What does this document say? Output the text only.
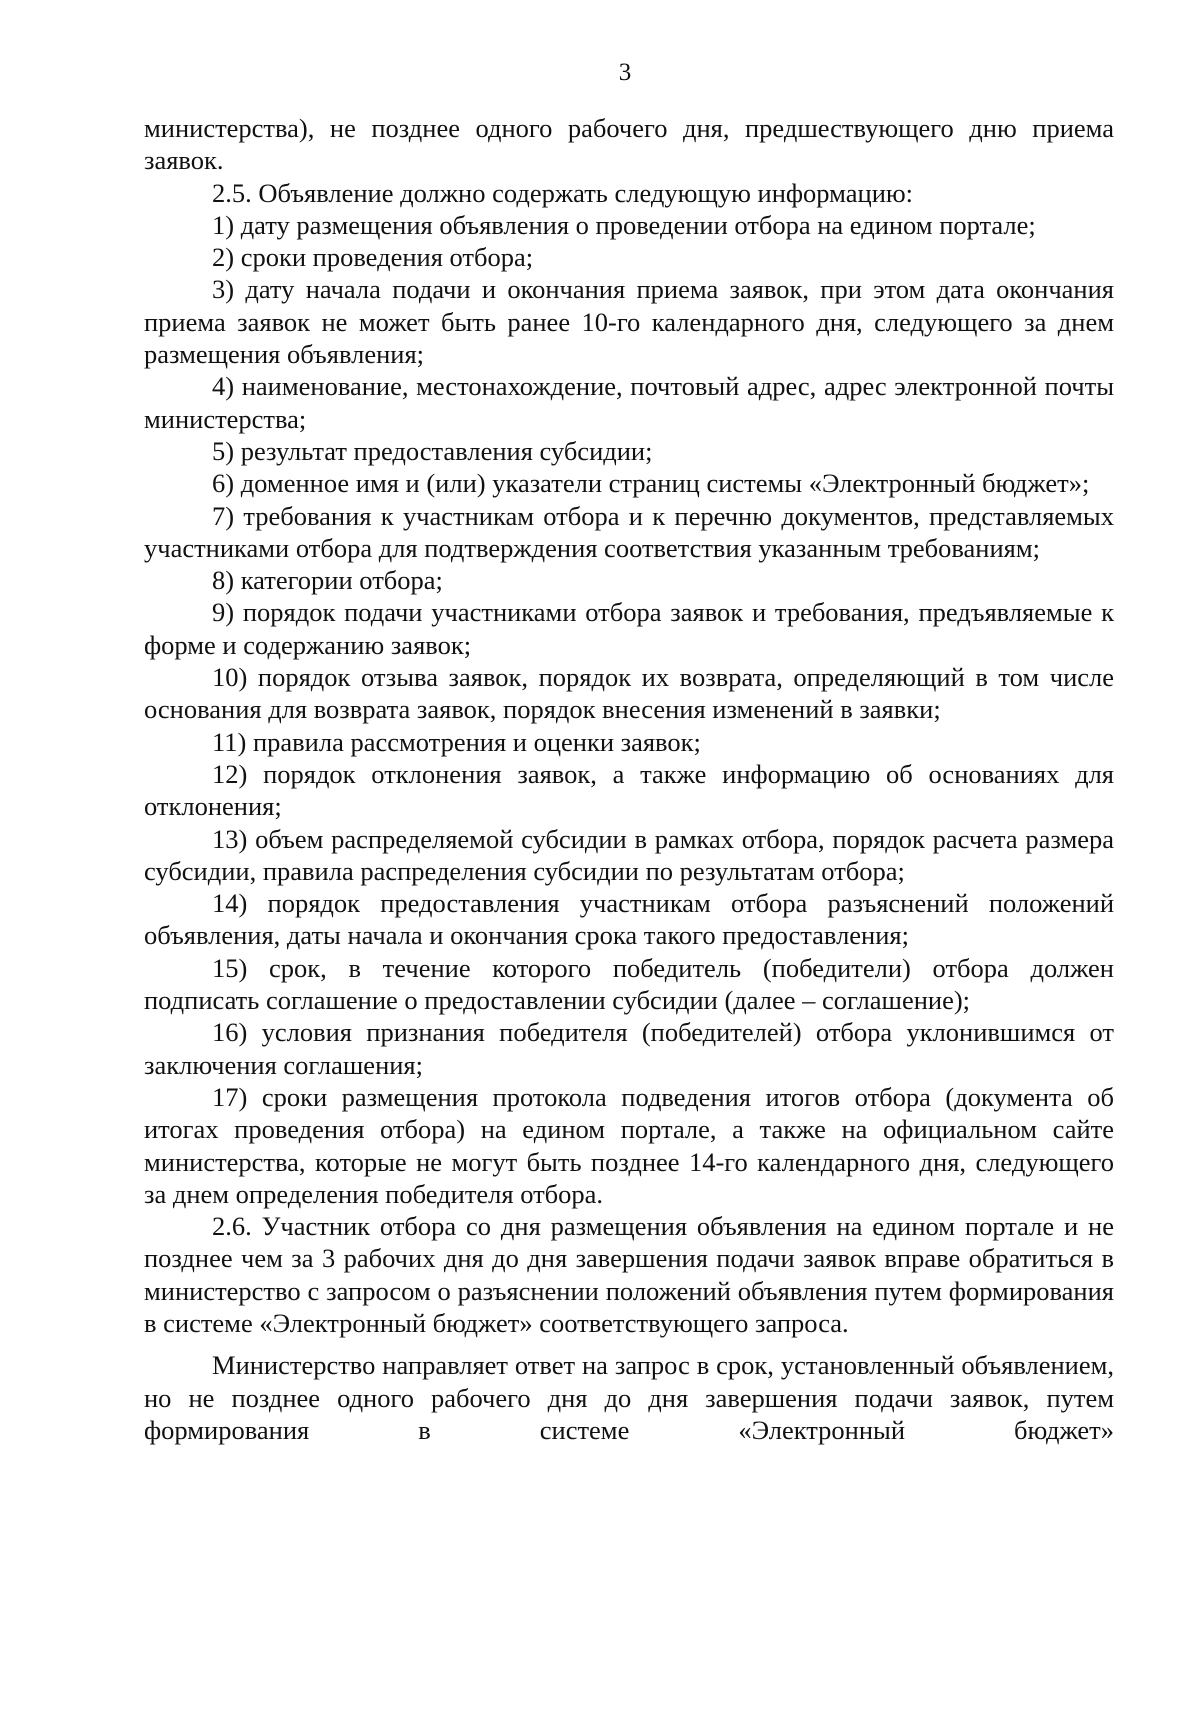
3

министерства), не позднее одного рабочего дня, предшествующего дню приема заявок.

2.5. Объявление должно содержать следующую информацию:

1) дату размещения объявления о проведении отбора на едином портале;

2) сроки проведения отбора;

3) дату начала подачи и окончания приема заявок, при этом дата окончания приема заявок не может быть ранее 10-го календарного дня, следующего за днем размещения объявления;

4) наименование, местонахождение, почтовый адрес, адрес электронной почты министерства;

5) результат предоставления субсидии;

6) доменное имя и (или) указатели страниц системы «Электронный бюджет»;

7) требования к участникам отбора и к перечню документов, представляемых участниками отбора для подтверждения соответствия указанным требованиям;

8) категории отбора;

9) порядок подачи участниками отбора заявок и требования, предъявляемые к форме и содержанию заявок;

10) порядок отзыва заявок, порядок их возврата, определяющий в том числе основания для возврата заявок, порядок внесения изменений в заявки;

11) правила рассмотрения и оценки заявок;

12) порядок отклонения заявок, а также информацию об основаниях для отклонения;

13) объем распределяемой субсидии в рамках отбора, порядок расчета размера субсидии, правила распределения субсидии по результатам отбора;

14) порядок предоставления участникам отбора разъяснений положений объявления, даты начала и окончания срока такого предоставления;

15) срок, в течение которого победитель (победители) отбора должен подписать соглашение о предоставлении субсидии (далее – соглашение);

16) условия признания победителя (победителей) отбора уклонившимся от заключения соглашения;

17) сроки размещения протокола подведения итогов отбора (документа об итогах проведения отбора) на едином портале, а также на официальном сайте министерства, которые не могут быть позднее 14-го календарного дня, следующего за днем определения победителя отбора.

2.6. Участник отбора со дня размещения объявления на едином портале и не позднее чем за 3 рабочих дня до дня завершения подачи заявок вправе обратиться в министерство с запросом о разъяснении положений объявления путем формирования в системе «Электронный бюджет» соответствующего запроса.

Министерство направляет ответ на запрос в срок, установленный объявлением, но не позднее одного рабочего дня до дня завершения подачи заявок, путем формирования в системе «Электронный бюджет»
